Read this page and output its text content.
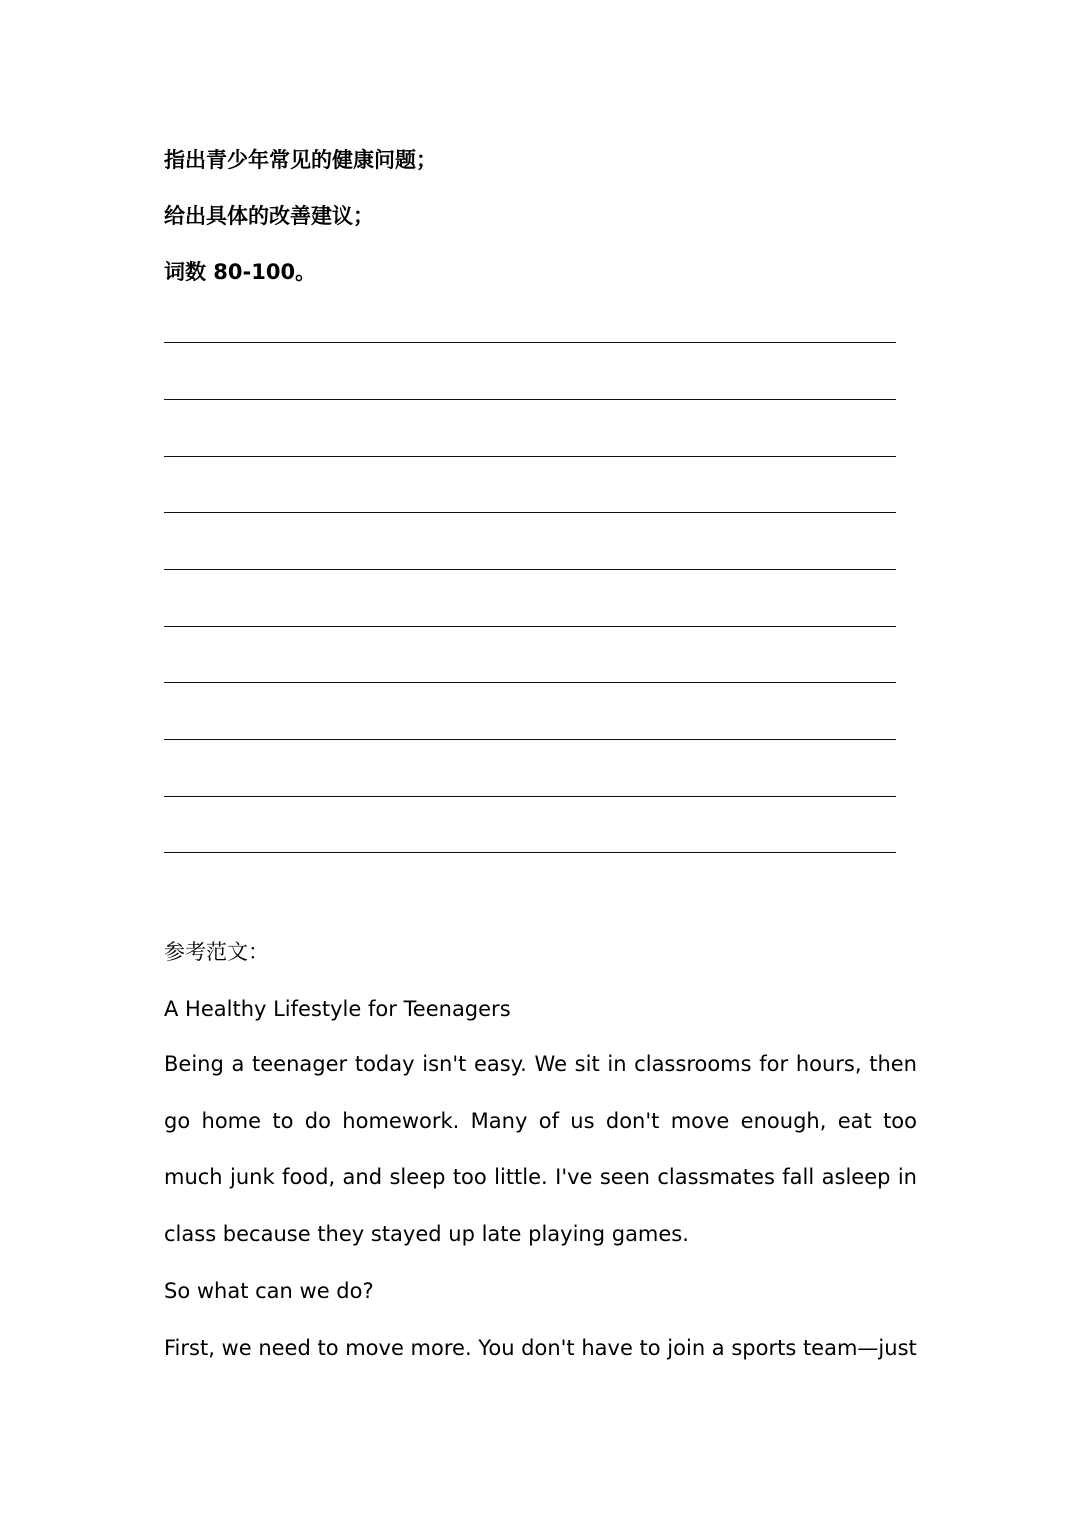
指出青少年常见的健康问题；
给出具体的改善建议；
词数 80-100。
参考范文：
A Healthy Lifestyle for Teenagers
Being a teenager today isn't easy. We sit in classrooms for hours, then go home to do homework. Many of us don't move enough, eat too much junk food, and sleep too little. I've seen classmates fall asleep in class because they stayed up late playing games.
So what can we do?
First, we need to move more. You don't have to join a sports team—just
